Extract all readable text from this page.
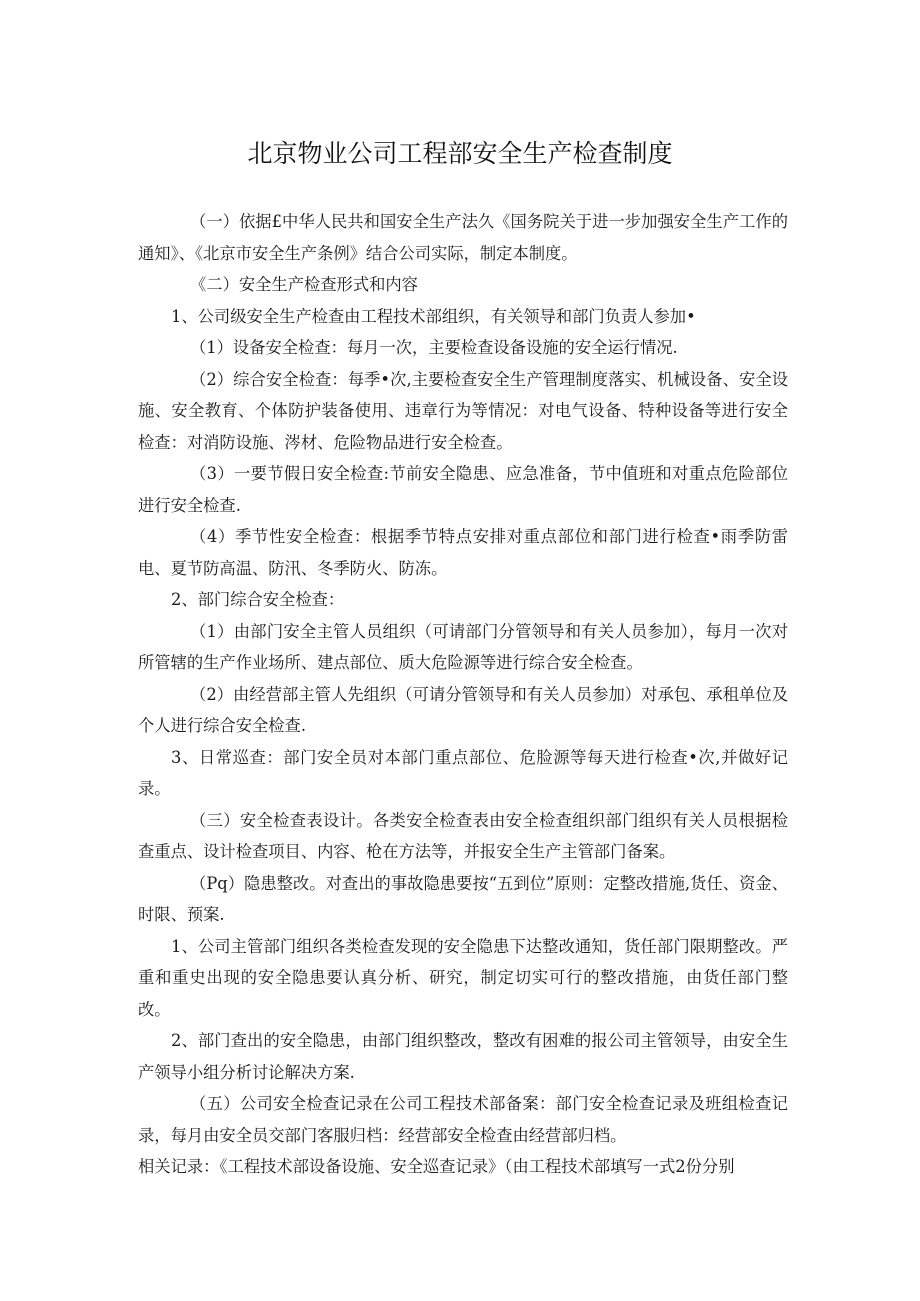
北京物业公司工程部安全生产检查制度

（一）依据£中华人民共和国安全生产法久《国务院关于进一步加强安全生产工作的通知》、《北京市安全生产条例》结合公司实际，制定本制度。

《二）安全生产检查形式和内容

1、公司级安全生产检查由工程技术部组织，有关领导和部门负责人参加•

（1）设备安全检查：每月一次，主要检查设备设施的安全运行情况.

（2）综合安全检查：每季•次,主要检查安全生产管理制度落实、机械设备、安全设施、安全教育、个体防护装备使用、违章行为等情况：对电气设备、特种设备等进行安全检查：对消防设施、涔材、危险物品进行安全检查。

（3）一要节假日安全检查:节前安全隐患、应急准备，节中值班和对重点危险部位进行安全检查.

（4）季节性安全检查：根据季节特点安排对重点部位和部门进行检查•雨季防雷电、夏节防高温、防汛、冬季防火、防冻。

2、部门综合安全检查：

（1）由部门安全主管人员组织（可请部门分管领导和有关人员参加），每月一次对所管辖的生产作业场所、建点部位、质大危险源等进行综合安全检查。

（2）由经营部主管人先组织（可请分管领导和有关人员参加）对承包、承租单位及个人进行综合安全检查.

3、日常巡查：部门安全员对本部门重点部位、危脸源等每天进行检查•次,并做好记录。

（三）安全检查表设计。各类安全检查表由安全检查组织部门组织有关人员根据检查重点、设计检查项目、内容、枪在方法等，并报安全生产主管部门备案。

（Pq）隐患整改。对查出的事故隐患要按“五到位”原则：定整改措施,货任、资金、时限、预案.

1、公司主管部门组织各类检查发现的安全隐患下达整改通知，货任部门限期整改。严重和重史出现的安全隐患要认真分析、研究，制定切实可行的整改措施，由货任部门整改。

2、部门查出的安全隐患，由部门组织整改，整改有困难的报公司主管领导，由安全生产领导小组分析讨论解决方案.

（五）公司安全检查记录在公司工程技术部备案：部门安全检查记录及班组检查记录，每月由安全员交部门客服归档：经营部安全检查由经营部归档。

相关记录：《工程技术部设备设施、安全巡查记录》（由工程技术部填写一式2份分别
